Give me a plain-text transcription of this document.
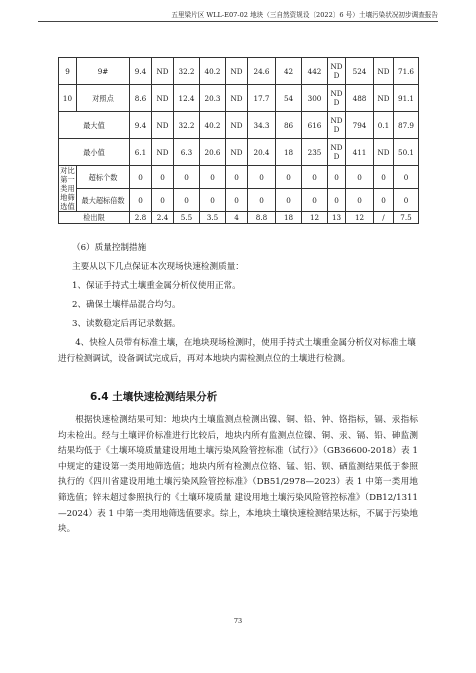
五里梁片区 WLL-E07-02 地块（三自然资规设〔2022〕6 号）土壤污染状况初步调查报告
9	9#	9.4	ND	32.2	40.2	ND	24.6	42	442	NDD	524	ND	71.6
10	对照点	8.6	ND	12.4	20.3	ND	17.7	54	300	NDD	488	ND	91.1
最大值		9.4	ND	32.2	40.2	ND	34.3	86	616	NDD	794	0.1	87.9
最小值		6.1	ND	6.3	20.6	ND	20.4	18	235	NDD	411	ND	50.1
对比第一类用地筛选值	超标个数	0	0	0	0	0	0	0	0	0	0	0	0
	最大超标倍数	0	0	0	0	0	0	0	0	0	0	0	0
检出限		2.8	2.4	5.5	3.5	4	8.8	18	12	13	12	/	7.5

（6）质量控制措施

主要从以下几点保证本次现场快速检测质量：

1、保证手持式土壤重金属分析仪使用正常。

2、确保土壤样品混合均匀。

3、读数稳定后再记录数据。

4、快检人员带有标准土壤，在地块现场检测时，使用手持式土壤重金属分析仪对标准土壤进行检测调试，设备调试完成后，再对本地块内需检测点位的土壤进行检测。

6.4 土壤快速检测结果分析

根据快速检测结果可知：地块内土壤监测点检测出镍、铜、铅、钟、铬指标，镉、汞指标均未检出。经与土壤评价标准进行比较后，地块内所有监测点位镍、铜、汞、镉、铅、砷监测结果均低于《土壤环境质量建设用地土壤污染风险管控标准（试行）》（GB36600-2018）表 1 中规定的建设第一类用地筛选值；地块内所有检测点位铬、锰、铝、钡、硒监测结果低于参照执行的《四川省建设用地土壤污染风险管控标准》（DB51/2978—2023）表 1 中第一类用地筛选值；锌未超过参照执行的《土壤环境质量 建设用地土壤污染风险管控标准》（DB12/1311—2024）表 1 中第一类用地筛选值要求。综上，本地块土壤快速检测结果达标，不属于污染地块。

73
